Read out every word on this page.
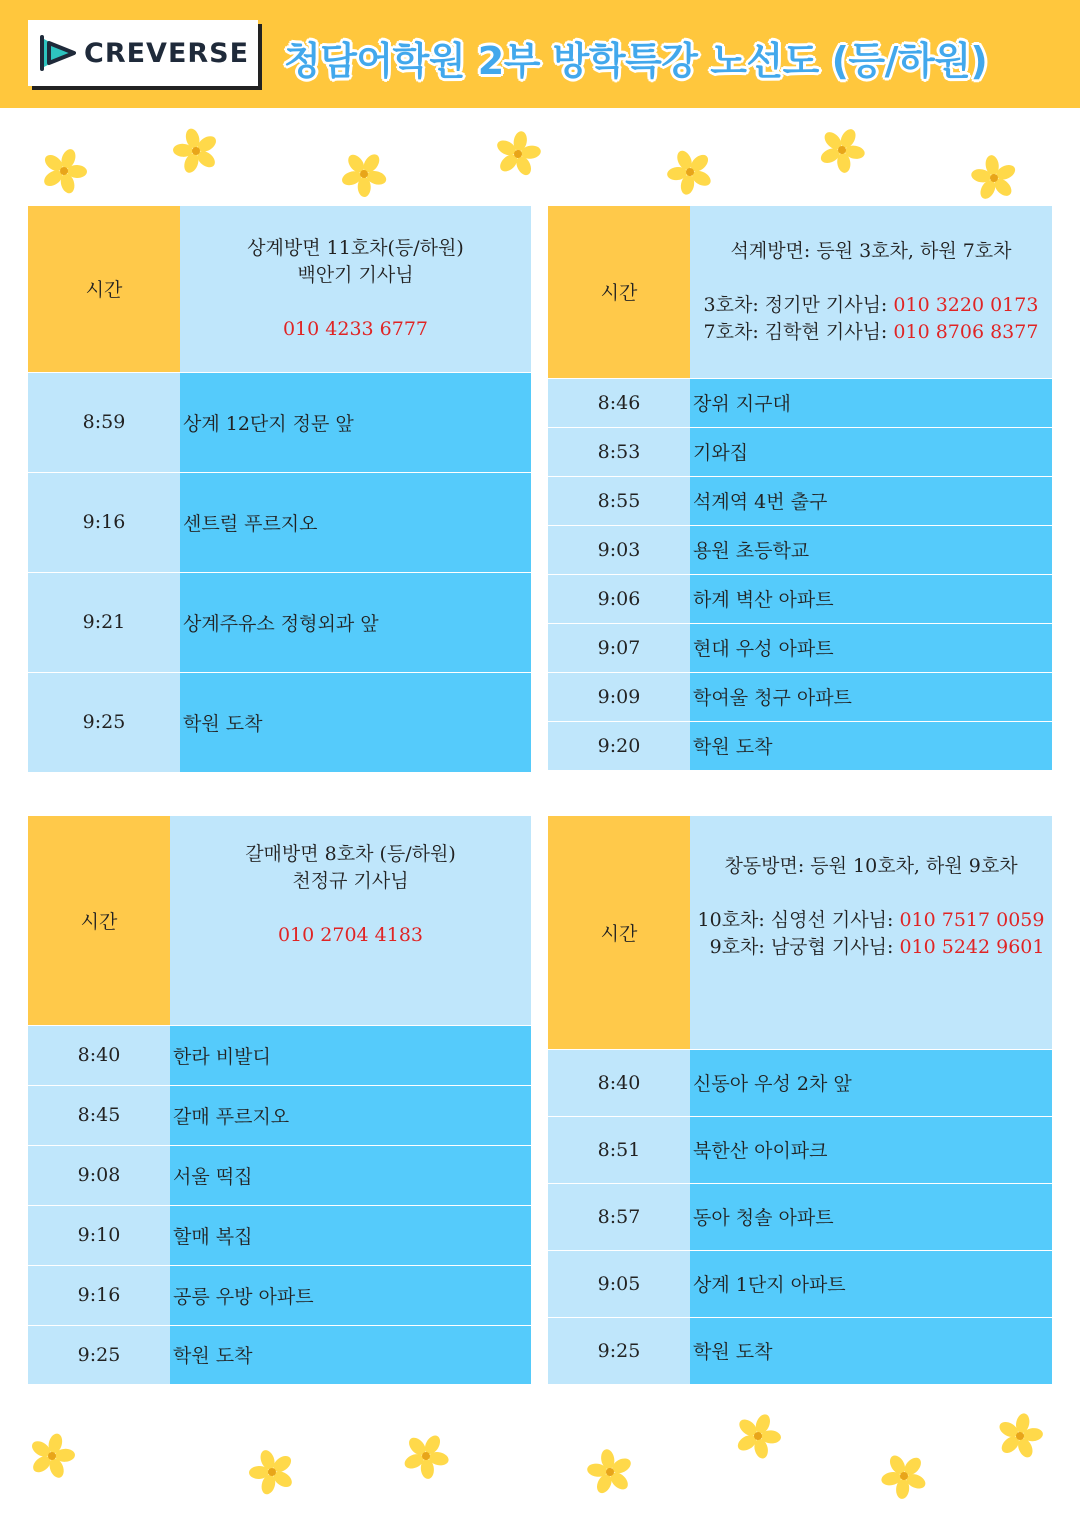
CREVERSE 청담어학원 2부 방학특강 노선도 (등/하원)
시간	상계방면 11호차(등/하원)
백안기 기사님
010 4233 6777

8:59	상계 12단지 정문 앞
9:16	센트럴 푸르지오
9:21	상계주유소 정형외과 앞
9:25	학원 도착
시간	석계방면: 등원 3호차, 하원 7호차
3호차: 정기만 기사님: 010 3220 0173
7호차: 김학현 기사님: 010 8706 8377

8:46	장위 지구대
8:53	기와집
8:55	석계역 4번 출구
9:03	용원 초등학교
9:06	하계 벽산 아파트
9:07	현대 우성 아파트
9:09	학여울 청구 아파트
9:20	학원 도착
시간	갈매방면 8호차 (등/하원)
천정규 기사님
010 2704 4183

8:40	한라 비발디
8:45	갈매 푸르지오
9:08	서울 떡집
9:10	할매 복집
9:16	공릉 우방 아파트
9:25	학원 도착
시간	창동방면: 등원 10호차, 하원 9호차
10호차: 심영선 기사님: 010 7517 0059
9호차: 남궁협 기사님: 010 5242 9601

8:40	신동아 우성 2차 앞
8:51	북한산 아이파크
8:57	동아 청솔 아파트
9:05	상계 1단지 아파트
9:25	학원 도착
